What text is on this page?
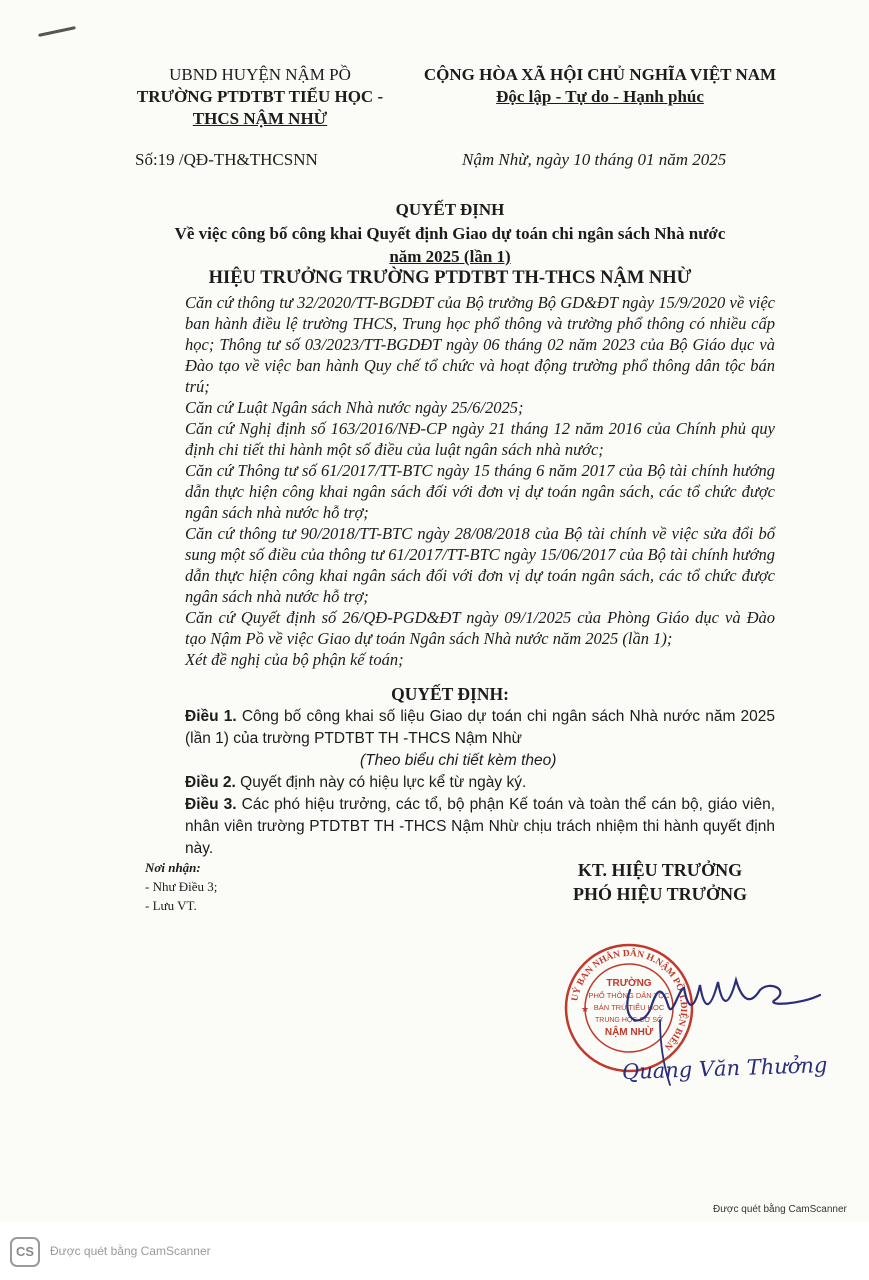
UBND HUYỆN NẬM PỒ
TRƯỜNG PTDTBT TIỂU HỌC -
THCS NẬM NHỪ
CỘNG HÒA XÃ HỘI CHỦ NGHĨA VIỆT NAM
Độc lập - Tự do - Hạnh phúc
Số:19 /QĐ-TH&THCSNN	Nậm Nhừ, ngày 10 tháng 01 năm 2025
QUYẾT ĐỊNH
Về việc công bố công khai Quyết định Giao dự toán chi ngân sách Nhà nước
năm 2025 (lần 1)
HIỆU TRƯỞNG TRƯỜNG PTDTBT TH-THCS NẬM NHỪ
Căn cứ thông tư 32/2020/TT-BGDĐT của Bộ trưởng Bộ GD&ĐT ngày 15/9/2020 về việc ban hành điều lệ trường THCS, Trung học phổ thông và trường phổ thông có nhiều cấp học; Thông tư số 03/2023/TT-BGDĐT ngày 06 tháng 02 năm 2023 của Bộ Giáo dục và Đào tạo về việc ban hành Quy chế tổ chức và hoạt động trường phổ thông dân tộc bán trú;
Căn cứ Luật Ngân sách Nhà nước ngày 25/6/2025;
Căn cứ Nghị định số 163/2016/NĐ-CP ngày 21 tháng 12 năm 2016 của Chính phủ quy định chi tiết thi hành một số điều của luật ngân sách nhà nước;
Căn cứ Thông tư số 61/2017/TT-BTC ngày 15 tháng 6 năm 2017 của Bộ tài chính hướng dẫn thực hiện công khai ngân sách đối với đơn vị dự toán ngân sách, các tổ chức được ngân sách nhà nước hỗ trợ;
Căn cứ thông tư 90/2018/TT-BTC ngày 28/08/2018 của Bộ tài chính về việc sửa đổi bổ sung một số điều của thông tư 61/2017/TT-BTC ngày 15/06/2017 của Bộ tài chính hướng dẫn thực hiện công khai ngân sách đối với đơn vị dự toán ngân sách, các tổ chức được ngân sách nhà nước hỗ trợ;
Căn cứ Quyết định số 26/QĐ-PGD&ĐT ngày 09/1/2025 của Phòng Giáo dục và Đào tạo Nậm Pồ về việc Giao dự toán Ngân sách Nhà nước năm 2025 (lần 1);
Xét đề nghị của bộ phận kế toán;
QUYẾT ĐỊNH:
Điều 1. Công bố công khai số liệu Giao dự toán chi ngân sách Nhà nước năm 2025 (lần 1) của trường PTDTBT TH -THCS Nậm Nhừ
(Theo biểu chi tiết kèm theo)
Điều 2. Quyết định này có hiệu lực kể từ ngày ký.
Điều 3. Các phó hiệu trưởng, các tổ, bộ phận Kế toán và toàn thể cán bộ, giáo viên, nhân viên trường PTDTBT TH -THCS Nậm Nhừ chịu trách nhiệm thi hành quyết định này.
Nơi nhận:
- Như Điều 3;
- Lưu VT.
KT. HIỆU TRƯỞNG
PHÓ HIỆU TRƯỞNG
UỶ BAN NHÂN DÂN H.NẬM PỒ T.ĐIỆN BIÊN
TRƯỜNG
PHỔ THÔNG DÂN TỘC
BÁN TRÚ TIỂU HỌC
TRUNG HỌC CƠ SỞ
NẬM NHỪ
★
Quang Văn Thưởng
Được quét bằng CamScanner
CS	Được quét bằng CamScanner
